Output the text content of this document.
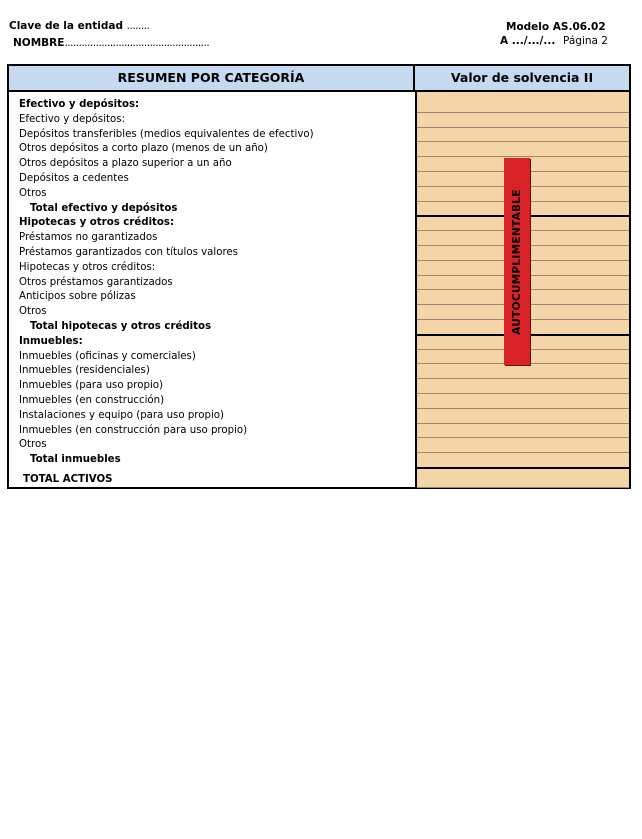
Clave de la entidad ........
NOMBRE...................................................
Modelo AS.06.02
A .../.../... Página 2
RESUMEN POR CATEGORÍA	Valor de solvencia II
Efectivo y depósitos:
Efectivo y depósitos:
Depósitos transferibles (medios equivalentes de efectivo)
Otros depósitos a corto plazo (menos de un año)
Otros depósitos a plazo superior a un año
Depósitos a cedentes
Otros
Total efectivo y depósitos
Hipotecas y otros créditos:
Préstamos no garantizados
Préstamos garantizados con títulos valores
Hipotecas y otros créditos:
Otros préstamos garantizados
Anticipos sobre pólizas
Otros
Total hipotecas y otros créditos
Inmuebles:
Inmuebles (oficinas y comerciales)
Inmuebles (residenciales)
Inmuebles (para uso propio)
Inmuebles (en construcción)
Instalaciones y equipo (para uso propio)
Inmuebles (en construcción para uso propio)
Otros
Total inmuebles
TOTAL ACTIVOS
AUTOCUMPLIMENTABLE
